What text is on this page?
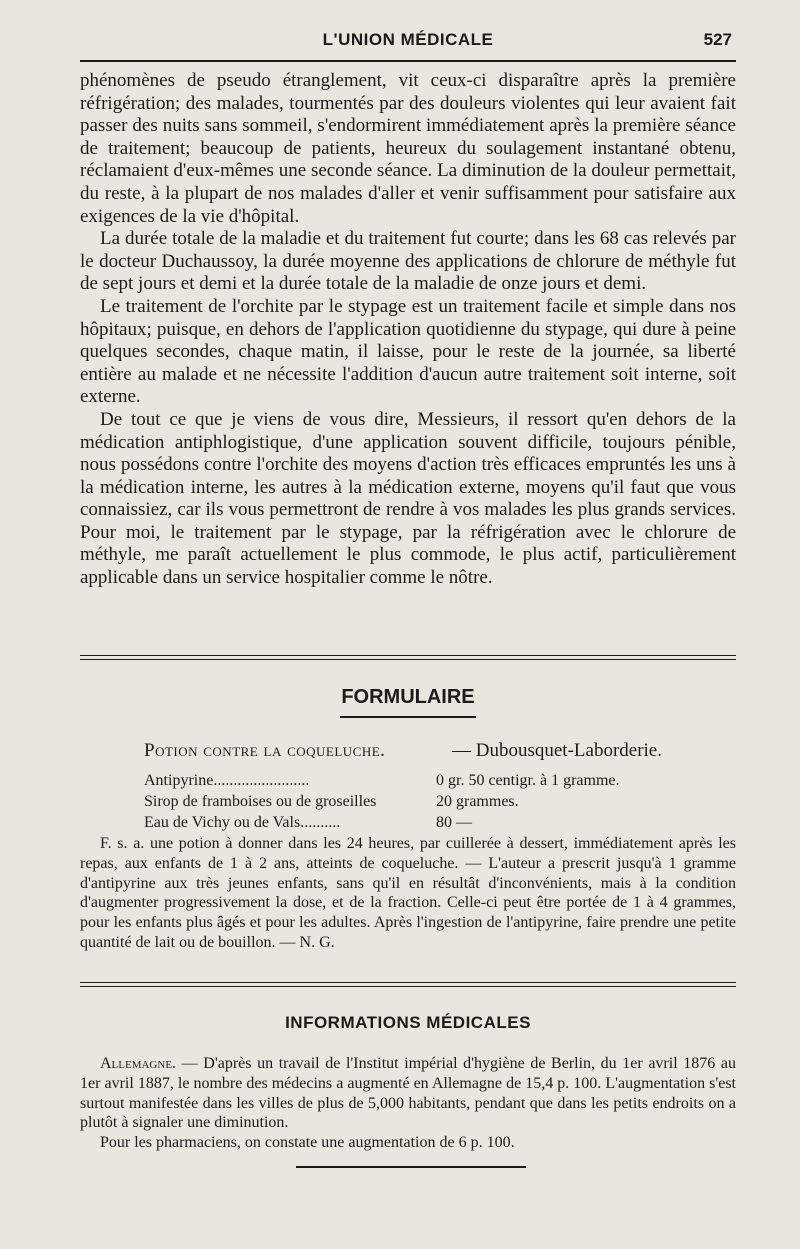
L'UNION MÉDICALE	527

phénomènes de pseudo étranglement, vit ceux-ci disparaître après la première réfrigération; des malades, tourmentés par des douleurs violentes qui leur avaient fait passer des nuits sans sommeil, s'endormirent immédiatement après la première séance de traitement; beaucoup de patients, heureux du soulagement instantané obtenu, réclamaient d'eux-mêmes une seconde séance. La diminution de la douleur permettait, du reste, à la plupart de nos malades d'aller et venir suffisamment pour satisfaire aux exigences de la vie d'hôpital.

La durée totale de la maladie et du traitement fut courte; dans les 68 cas relevés par le docteur Duchaussoy, la durée moyenne des applications de chlorure de méthyle fut de sept jours et demi et la durée totale de la maladie de onze jours et demi.

Le traitement de l'orchite par le stypage est un traitement facile et simple dans nos hôpitaux; puisque, en dehors de l'application quotidienne du stypage, qui dure à peine quelques secondes, chaque matin, il laisse, pour le reste de la journée, sa liberté entière au malade et ne nécessite l'addition d'aucun autre traitement soit interne, soit externe.

De tout ce que je viens de vous dire, Messieurs, il ressort qu'en dehors de la médication antiphlogistique, d'une application souvent difficile, toujours pénible, nous possédons contre l'orchite des moyens d'action très efficaces empruntés les uns à la médication interne, les autres à la médication externe, moyens qu'il faut que vous connaissiez, car ils vous permettront de rendre à vos malades les plus grands services. Pour moi, le traitement par le stypage, par la réfrigération avec le chlorure de méthyle, me paraît actuellement le plus commode, le plus actif, particulièrement applicable dans un service hospitalier comme le nôtre.

FORMULAIRE
Potion contre la coqueluche.	— Dubousquet-Laborderie.
Antipyrine........................	0 gr. 50 centigr. à 1 gramme.
Sirop de framboises ou de groseilles	20 grammes.
Eau de Vichy ou de Vals..........	80 —

F. s. a. une potion à donner dans les 24 heures, par cuillerée à dessert, immédiatement après les repas, aux enfants de 1 à 2 ans, atteints de coqueluche. — L'auteur a prescrit jusqu'à 1 gramme d'antipyrine aux très jeunes enfants, sans qu'il en résultât d'inconvénients, mais à la condition d'augmenter progressivement la dose, et de la fraction. Celle-ci peut être portée de 1 à 4 grammes, pour les enfants plus âgés et pour les adultes. Après l'ingestion de l'antipyrine, faire prendre une petite quantité de lait ou de bouillon. — N. G.

INFORMATIONS MÉDICALES

Allemagne. — D'après un travail de l'Institut impérial d'hygiène de Berlin, du 1er avril 1876 au 1er avril 1887, le nombre des médecins a augmenté en Allemagne de 15,4 p. 100. L'augmentation s'est surtout manifestée dans les villes de plus de 5,000 habitants, pendant que dans les petits endroits on a plutôt à signaler une diminution.

Pour les pharmaciens, on constate une augmentation de 6 p. 100.
